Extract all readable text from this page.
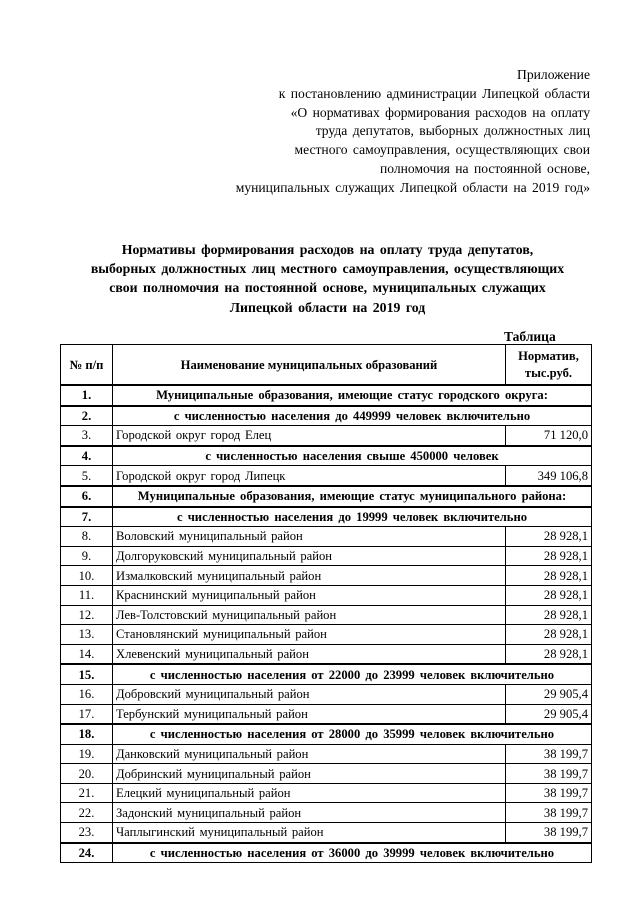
Приложение
к постановлению администрации Липецкой области
«О нормативах формирования расходов на оплату
труда депутатов, выборных должностных лиц
местного самоуправления, осуществляющих свои
полномочия на постоянной основе,
муниципальных служащих Липецкой области на 2019 год»
Нормативы формирования расходов на оплату труда депутатов,
выборных должностных лиц местного самоуправления, осуществляющих
свои полномочия на постоянной основе, муниципальных служащих
Липецкой области на 2019 год
Таблица
№ п/п	Наименование муниципальных образований	Норматив, тыс.руб.
1.	Муниципальные образования, имеющие статус городского округа:	
2.	с численностью населения до 449999 человек включительно	
3.	Городской округ город Елец	71 120,0
4.	с численностью населения свыше 450000 человек	
5.	Городской округ город Липецк	349 106,8
6.	Муниципальные образования, имеющие статус муниципального района:	
7.	с численностью населения до 19999 человек включительно	
8.	Воловский муниципальный район	28 928,1
9.	Долгоруковский муниципальный район	28 928,1
10.	Измалковский муниципальный район	28 928,1
11.	Краснинский муниципальный район	28 928,1
12.	Лев-Толстовский муниципальный район	28 928,1
13.	Становлянский муниципальный район	28 928,1
14.	Хлевенский муниципальный район	28 928,1
15.	с численностью населения от 22000 до 23999 человек включительно	
16.	Добровский муниципальный район	29 905,4
17.	Тербунский муниципальный район	29 905,4
18.	с численностью населения от 28000 до 35999 человек включительно	
19.	Данковский муниципальный район	38 199,7
20.	Добринский муниципальный район	38 199,7
21.	Елецкий муниципальный район	38 199,7
22.	Задонский муниципальный район	38 199,7
23.	Чаплыгинский муниципальный район	38 199,7
24.	с численностью населения от 36000 до 39999 человек включительно	
